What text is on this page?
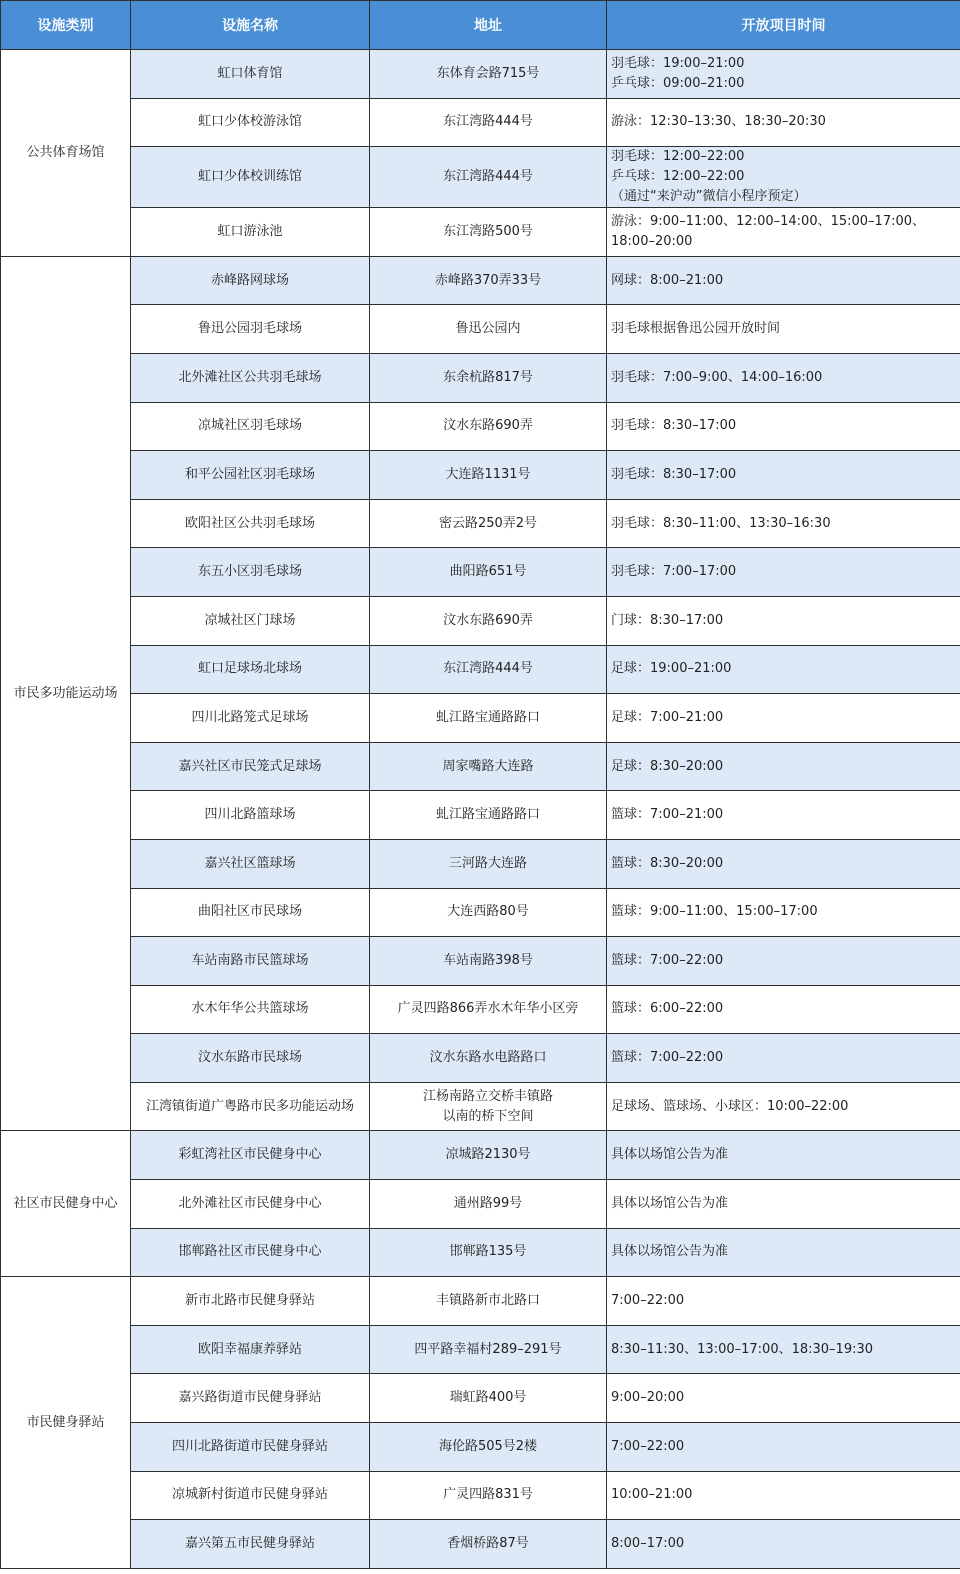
设施类别	设施名称	地址	开放项目时间
公共体育场馆	虹口体育馆	东体育会路715号	羽毛球：19:00–21:00
乒乓球：09:00–21:00

	虹口少体校游泳馆	东江湾路444号	游泳：12:30–13:30、18:30–20:30

	虹口少体校训练馆	东江湾路444号	羽毛球：12:00–22:00
乒乓球：12:00–22:00
（通过“来沪动”微信小程序预定）

	虹口游泳池	东江湾路500号	游泳：9:00–11:00、12:00–14:00、15:00–17:00、18:00–20:00

市民多功能运动场	赤峰路网球场	赤峰路370弄33号	网球：8:00–21:00

	鲁迅公园羽毛球场	鲁迅公园内	羽毛球根据鲁迅公园开放时间

	北外滩社区公共羽毛球场	东余杭路817号	羽毛球：7:00–9:00、14:00–16:00

	凉城社区羽毛球场	汶水东路690弄	羽毛球：8:30–17:00

	和平公园社区羽毛球场	大连路1131号	羽毛球：8:30–17:00

	欧阳社区公共羽毛球场	密云路250弄2号	羽毛球：8:30–11:00、13:30–16:30

	东五小区羽毛球场	曲阳路651号	羽毛球：7:00–17:00

	凉城社区门球场	汶水东路690弄	门球：8:30–17:00

	虹口足球场北球场	东江湾路444号	足球：19:00–21:00

	四川北路笼式足球场	虬江路宝通路路口	足球：7:00–21:00

	嘉兴社区市民笼式足球场	周家嘴路大连路	足球：8:30–20:00

	四川北路篮球场	虬江路宝通路路口	篮球：7:00–21:00

	嘉兴社区篮球场	三河路大连路	篮球：8:30–20:00

	曲阳社区市民球场	大连西路80号	篮球：9:00–11:00、15:00–17:00

	车站南路市民篮球场	车站南路398号	篮球：7:00–22:00

	水木年华公共篮球场	广灵四路866弄水木年华小区旁	篮球：6:00–22:00

	汶水东路市民球场	汶水东路水电路路口	篮球：7:00–22:00

	江湾镇街道广粤路市民多功能运动场	江杨南路立交桥丰镇路
以南的桥下空间	足球场、篮球场、小球区：10:00–22:00

社区市民健身中心	彩虹湾社区市民健身中心	凉城路2130号	具体以场馆公告为准

	北外滩社区市民健身中心	通州路99号	具体以场馆公告为准

	邯郸路社区市民健身中心	邯郸路135号	具体以场馆公告为准

市民健身驿站	新市北路市民健身驿站	丰镇路新市北路口	7:00–22:00

	欧阳幸福康养驿站	四平路幸福村289–291号	8:30–11:30、13:00–17:00、18:30–19:30

	嘉兴路街道市民健身驿站	瑞虹路400号	9:00–20:00

	四川北路街道市民健身驿站	海伦路505号2楼	7:00–22:00

	凉城新村街道市民健身驿站	广灵四路831号	10:00–21:00

	嘉兴第五市民健身驿站	香烟桥路87号	8:00–17:00
